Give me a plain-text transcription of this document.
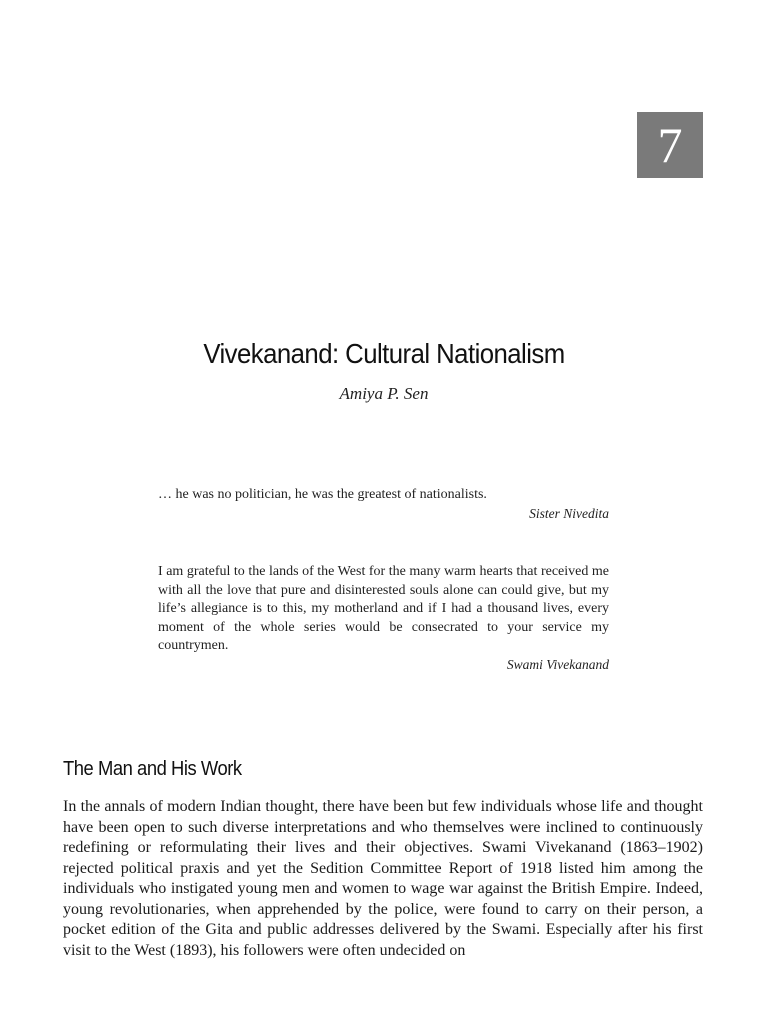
7
Vivekanand: Cultural Nationalism
Amiya P. Sen

… he was no politician, he was the greatest of nationalists.

Sister Nivedita

I am grateful to the lands of the West for the many warm hearts that received me with all the love that pure and disinterested souls alone can could give, but my life’s allegiance is to this, my motherland and if I had a thousand lives, every moment of the whole series would be consecrated to your service my countrymen.

Swami Vivekanand

The Man and His Work

In the annals of modern Indian thought, there have been but few individuals whose life and thought have been open to such diverse interpretations and who themselves were inclined to continuously redefining or reformulating their lives and their objectives. Swami Vivekanand (1863–1902) rejected political praxis and yet the Sedition Committee Report of 1918 listed him among the individuals who instigated young men and women to wage war against the British Empire. Indeed, young revolutionaries, when apprehended by the police, were found to carry on their person, a pocket edition of the Gita and public addresses delivered by the Swami. Especially after his first visit to the West (1893), his followers were often undecided on
